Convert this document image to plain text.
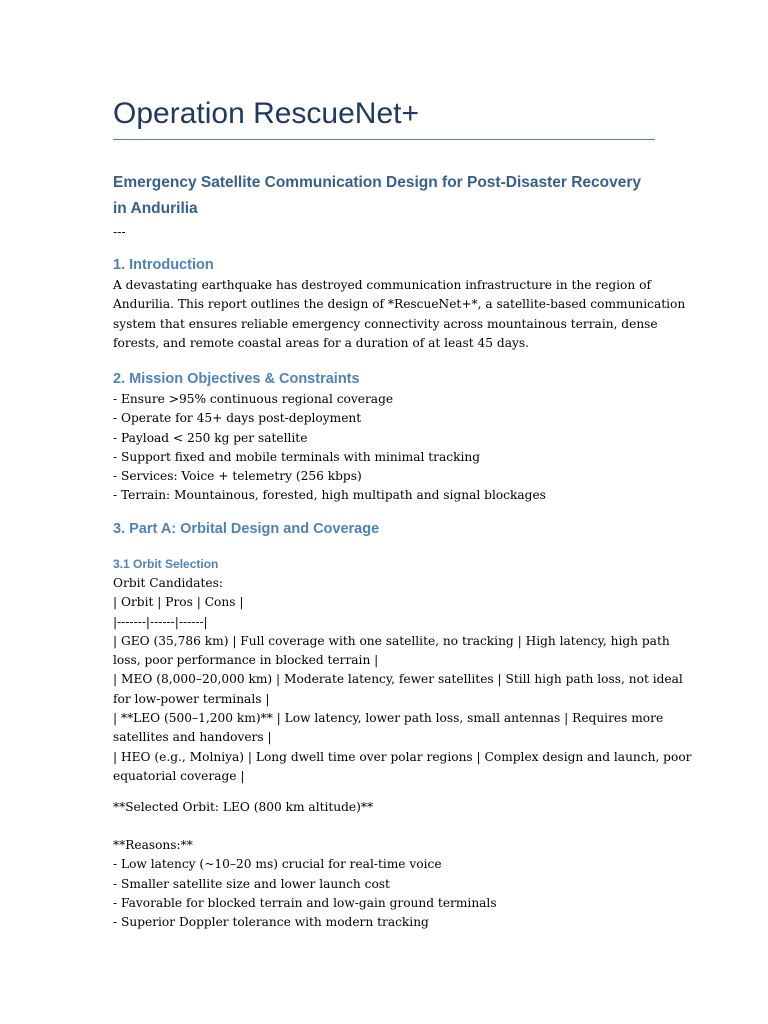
Operation RescueNet+
Emergency Satellite Communication Design for Post-Disaster Recovery in Andurilia
---
1. Introduction
A devastating earthquake has destroyed communication infrastructure in the region of
Andurilia. This report outlines the design of *RescueNet+*, a satellite-based communication
system that ensures reliable emergency connectivity across mountainous terrain, dense
forests, and remote coastal areas for a duration of at least 45 days.
2. Mission Objectives & Constraints
- Ensure >95% continuous regional coverage
- Operate for 45+ days post-deployment
- Payload < 250 kg per satellite
- Support fixed and mobile terminals with minimal tracking
- Services: Voice + telemetry (256 kbps)
- Terrain: Mountainous, forested, high multipath and signal blockages
3. Part A: Orbital Design and Coverage
3.1 Orbit Selection
Orbit Candidates:
| Orbit | Pros | Cons |
|-------|------|------|
| GEO (35,786 km) | Full coverage with one satellite, no tracking | High latency, high path
loss, poor performance in blocked terrain |
| MEO (8,000–20,000 km) | Moderate latency, fewer satellites | Still high path loss, not ideal
for low-power terminals |
| **LEO (500–1,200 km)** | Low latency, lower path loss, small antennas | Requires more
satellites and handovers |
| HEO (e.g., Molniya) | Long dwell time over polar regions | Complex design and launch, poor
equatorial coverage |
**Selected Orbit: LEO (800 km altitude)**
**Reasons:**
- Low latency (~10–20 ms) crucial for real-time voice
- Smaller satellite size and lower launch cost
- Favorable for blocked terrain and low-gain ground terminals
- Superior Doppler tolerance with modern tracking
